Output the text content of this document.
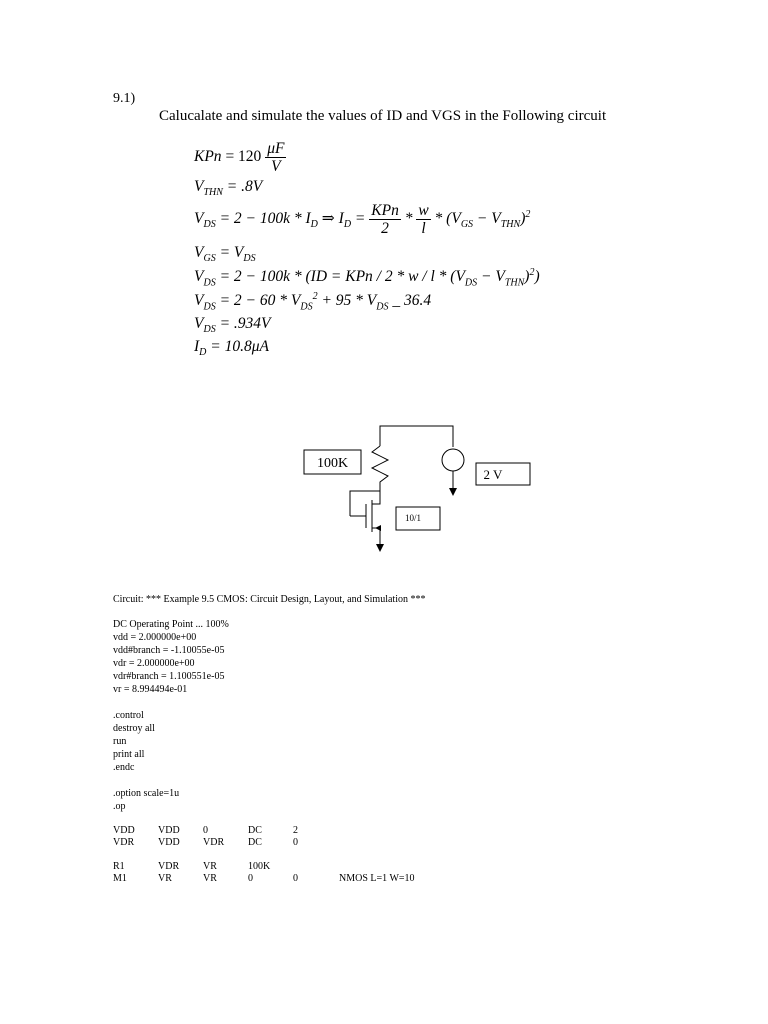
9.1)
Calucalate and simulate the values of ID and VGS in the Following circuit
KPn = $120 \frac{\mu F}{V}$
$V_{THN} = .8V$
$V_{DS} = 2 - 100k * I_D$ ⇒ $I_D = \frac{\text{KPn}}{2} * \frac{w}{l} * (V_{GS} - V_{THN})^2$
$V_{GS} = V_{DS}$
$V_{DS} = 2 - 100k * (ID$ = KPn / $2 * w / l * (V_{DS} - V_{THN})^2$)
$V_{DS} = 2 - 60 * V_{DS}^2 + 95 * V_{DS}$ _ 36.4
$V_{DS} = .934V$
$I_D = 10.8\mu A$
100K
2 V
10/1
Circuit: *** Example 9.5 CMOS: Circuit Design, Layout, and Simulation ***
DC Operating Point ... 100%
vdd = 2.000000e+00
vdd#branch = -1.10055e-05
vdr = 2.000000e+00
vdr#branch = 1.100551e-05
vr = 8.994494e-01
.control
destroy all
run
print all
.endc
.option scale=1u
.op
VDD VDD 0	DC	2
VDR VDD VDR DC	0
R1	VDR VR	100K
M1	VR	VR	0	0	NMOS L=1 W=10
